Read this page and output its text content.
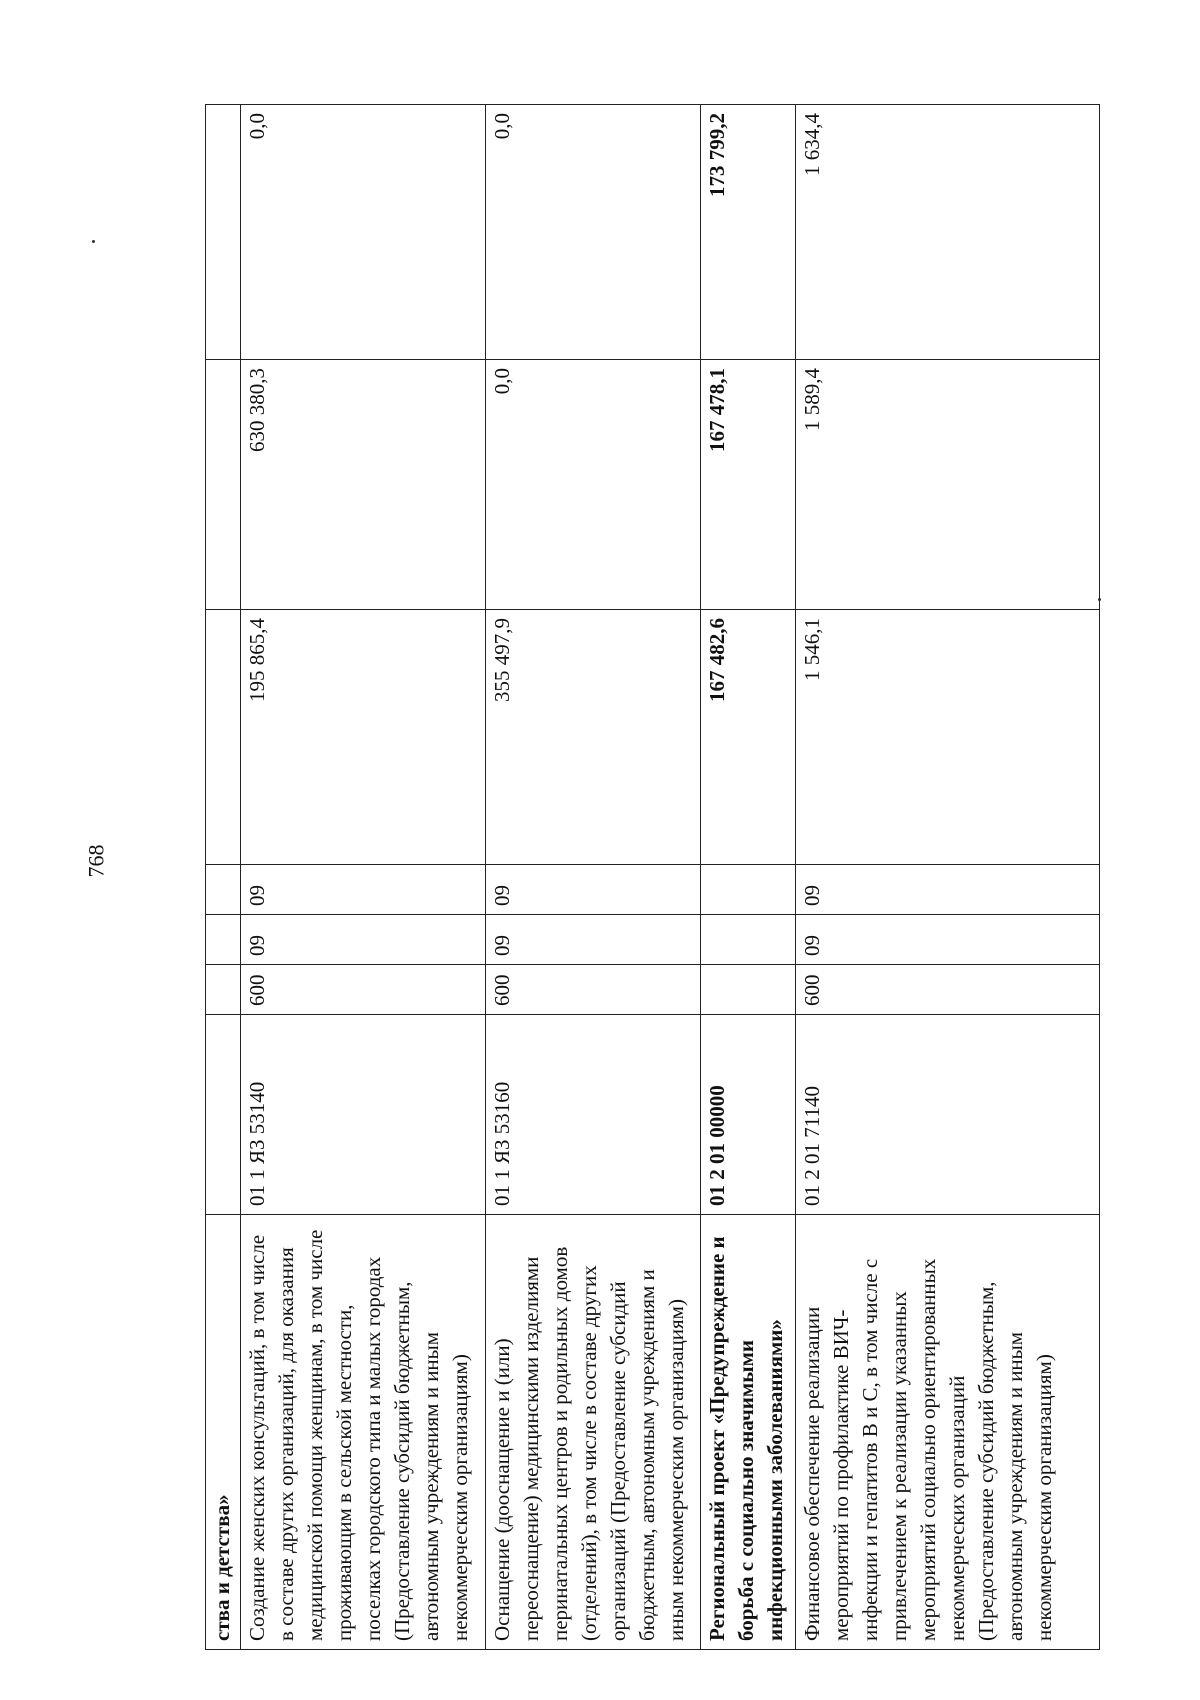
768
ства и детства»							
Создание женских консультаций, в том числе в составе других организаций, для оказания медицинской помощи женщинам, в том числе проживающим в сельской местности, поселках городского типа и малых городах (Предоставление субсидий бюджетным, автономным учреждениям и иным некоммерческим организациям)	01 1 ЯЗ 53140	600	09	09	195 865,4	630 380,3	0,0
Оснащение (дооснащение и (или) переоснащение) медицинскими изделиями перинатальных центров и родильных домов (отделений), в том числе в составе других организаций (Предоставление субсидий бюджетным, автономным учреждениям и иным некоммерческим организациям)	01 1 ЯЗ 53160	600	09	09	355 497,9	0,0	0,0
Региональный проект «Предупреждение и борьба с социально значимыми инфекционными заболеваниями»	01 2 01 00000				167 482,6	167 478,1	173 799,2
Финансовое обеспечение реализации мероприятий по профилактике ВИЧ-инфекции и гепатитов В и С, в том числе с привлечением к реализации указанных мероприятий социально ориентированных некоммерческих организаций (Предоставление субсидий бюджетным, автономным учреждениям и иным некоммерческим организациям)	01 2 01 71140	600	09	09	1 546,1	1 589,4	1 634,4
